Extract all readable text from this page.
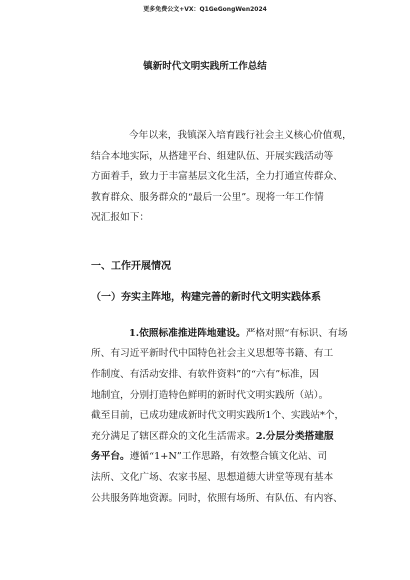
更多免费公文+VX：Q1GeGongWen2024
镇新时代文明实践所工作总结
今年以来，我镇深入培育践行社会主义核心价值观，
结合本地实际，从搭建平台、组建队伍、开展实践活动等
方面着手，致力于丰富基层文化生活，全力打通宣传群众、
教育群众、服务群众的“最后一公里”。现将一年工作情
况汇报如下：
一、工作开展情况
（一）夯实主阵地，构建完善的新时代文明实践体系
1.依照标准推进阵地建设。严格对照“有标识、有场
所、有习近平新时代中国特色社会主义思想等书籍、有工
作制度、有活动安排、有软件资料”的“六有”标准，因
地制宜，分别打造特色鲜明的新时代文明实践所（站）。
截至目前，已成功建成新时代文明实践所1个、实践站*个，
充分满足了辖区群众的文化生活需求。2.分层分类搭建服
务平台。遵循“1+N”工作思路，有效整合镇文化站、司
法所、文化广场、农家书屋、思想道德大讲堂等现有基本
公共服务阵地资源。同时，依照有场所、有队伍、有内容、
